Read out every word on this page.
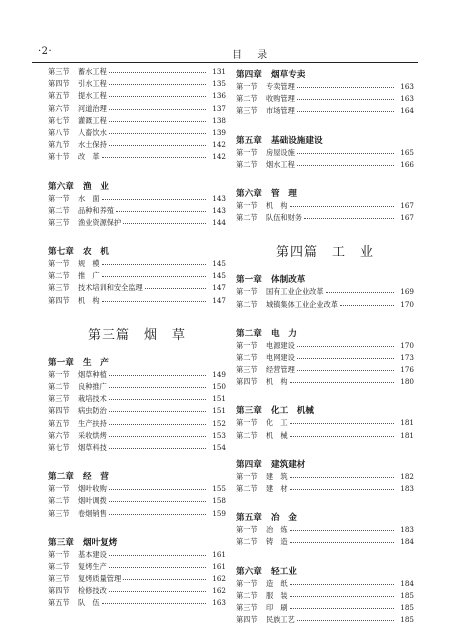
·2·	目 录
第三节	蓄水工程	131
第四节	引水工程	135
第五节	提水工程	136
第六节	河道治理	137
第七节	灌溉工程	138
第八节	人畜饮水	139
第九节	水土保持	142
第十节	改　革	142
第六章 渔　业
第一节	水　面	143
第二节	品种和养殖	143
第三节	渔业资源保护	144
第七章 农　机
第一节	规　模	145
第二节	推　广	145
第三节	技术培训和安全监理	147
第四节	机　构	147
第三篇　烟　草
第一章 生　产
第一节	烟草种植	149
第二节	良种推广	150
第三节	栽培技术	151
第四节	病虫防治	151
第五节	生产扶持	152
第六节	采收烘烤	153
第七节	烟草科技	154
第二章 经　营
第一节	烟叶收购	155
第二节	烟叶调拨	158
第三节	卷烟销售	159
第三章 烟叶复烤
第一节	基本建设	161
第二节	复烤生产	161
第三节	复烤质量管理	162
第四节	检修技改	162
第五节	队　伍	163
第四章 烟草专卖
第一节	专卖管理	163
第二节	收购管理	163
第三节	市场管理	164
第五章 基础设施建设
第一节	房屋设施	165
第二节	烟水工程	166
第六章 管　理
第一节	机　构	167
第二节	队伍和财务	167
第四篇　工　业
第一章 体制改革
第一节	国有工业企业改革	169
第二节	城镇集体工业企业改革	170
第二章 电　力
第一节	电源建设	170
第二节	电网建设	173
第三节	经营管理	176
第四节	机　构	180
第三章 化工　机械
第一节	化　工	181
第二节	机　械	181
第四章 建筑建材
第一节	建　筑	182
第二节	建　材	183
第五章 冶　金
第一节	冶　炼	183
第二节	铸　造	184
第六章 轻工业
第一节	造　纸	184
第二节	服　装	185
第三节	印　刷	185
第四节	民族工艺	185
